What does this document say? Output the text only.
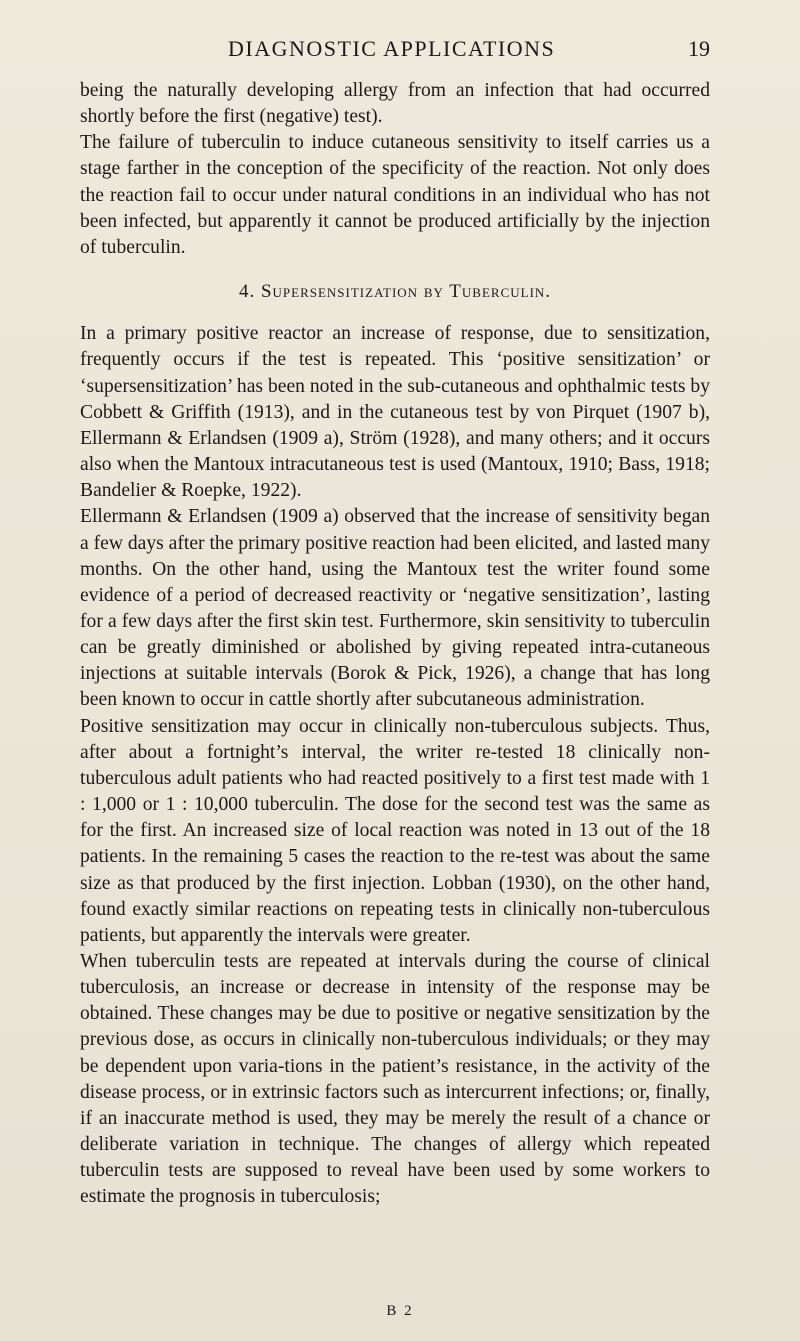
DIAGNOSTIC APPLICATIONS	19

being the naturally developing allergy from an infection that had occurred shortly before the first (negative) test).

The failure of tuberculin to induce cutaneous sensitivity to itself carries us a stage farther in the conception of the specificity of the reaction. Not only does the reaction fail to occur under natural conditions in an individual who has not been infected, but apparently it cannot be produced artificially by the injection of tuberculin.

4. Supersensitization by Tuberculin.

In a primary positive reactor an increase of response, due to sensitization, frequently occurs if the test is repeated. This ‘positive sensitization’ or ‘supersensitization’ has been noted in the sub-cutaneous and ophthalmic tests by Cobbett & Griffith (1913), and in the cutaneous test by von Pirquet (1907 b), Ellermann & Erlandsen (1909 a), Ström (1928), and many others; and it occurs also when the Mantoux intracutaneous test is used (Mantoux, 1910; Bass, 1918; Bandelier & Roepke, 1922).

Ellermann & Erlandsen (1909 a) observed that the increase of sensitivity began a few days after the primary positive reaction had been elicited, and lasted many months. On the other hand, using the Mantoux test the writer found some evidence of a period of decreased reactivity or ‘negative sensitization’, lasting for a few days after the first skin test. Furthermore, skin sensitivity to tuberculin can be greatly diminished or abolished by giving repeated intra-cutaneous injections at suitable intervals (Borok & Pick, 1926), a change that has long been known to occur in cattle shortly after subcutaneous administration.

Positive sensitization may occur in clinically non-tuberculous subjects. Thus, after about a fortnight’s interval, the writer re-tested 18 clinically non-tuberculous adult patients who had reacted positively to a first test made with 1 : 1,000 or 1 : 10,000 tuberculin. The dose for the second test was the same as for the first. An increased size of local reaction was noted in 13 out of the 18 patients. In the remaining 5 cases the reaction to the re-test was about the same size as that produced by the first injection. Lobban (1930), on the other hand, found exactly similar reactions on repeating tests in clinically non-tuberculous patients, but apparently the intervals were greater.

When tuberculin tests are repeated at intervals during the course of clinical tuberculosis, an increase or decrease in intensity of the response may be obtained. These changes may be due to positive or negative sensitization by the previous dose, as occurs in clinically non-tuberculous individuals; or they may be dependent upon varia-tions in the patient’s resistance, in the activity of the disease process, or in extrinsic factors such as intercurrent infections; or, finally, if an inaccurate method is used, they may be merely the result of a chance or deliberate variation in technique. The changes of allergy which repeated tuberculin tests are supposed to reveal have been used by some workers to estimate the prognosis in tuberculosis;

B 2
